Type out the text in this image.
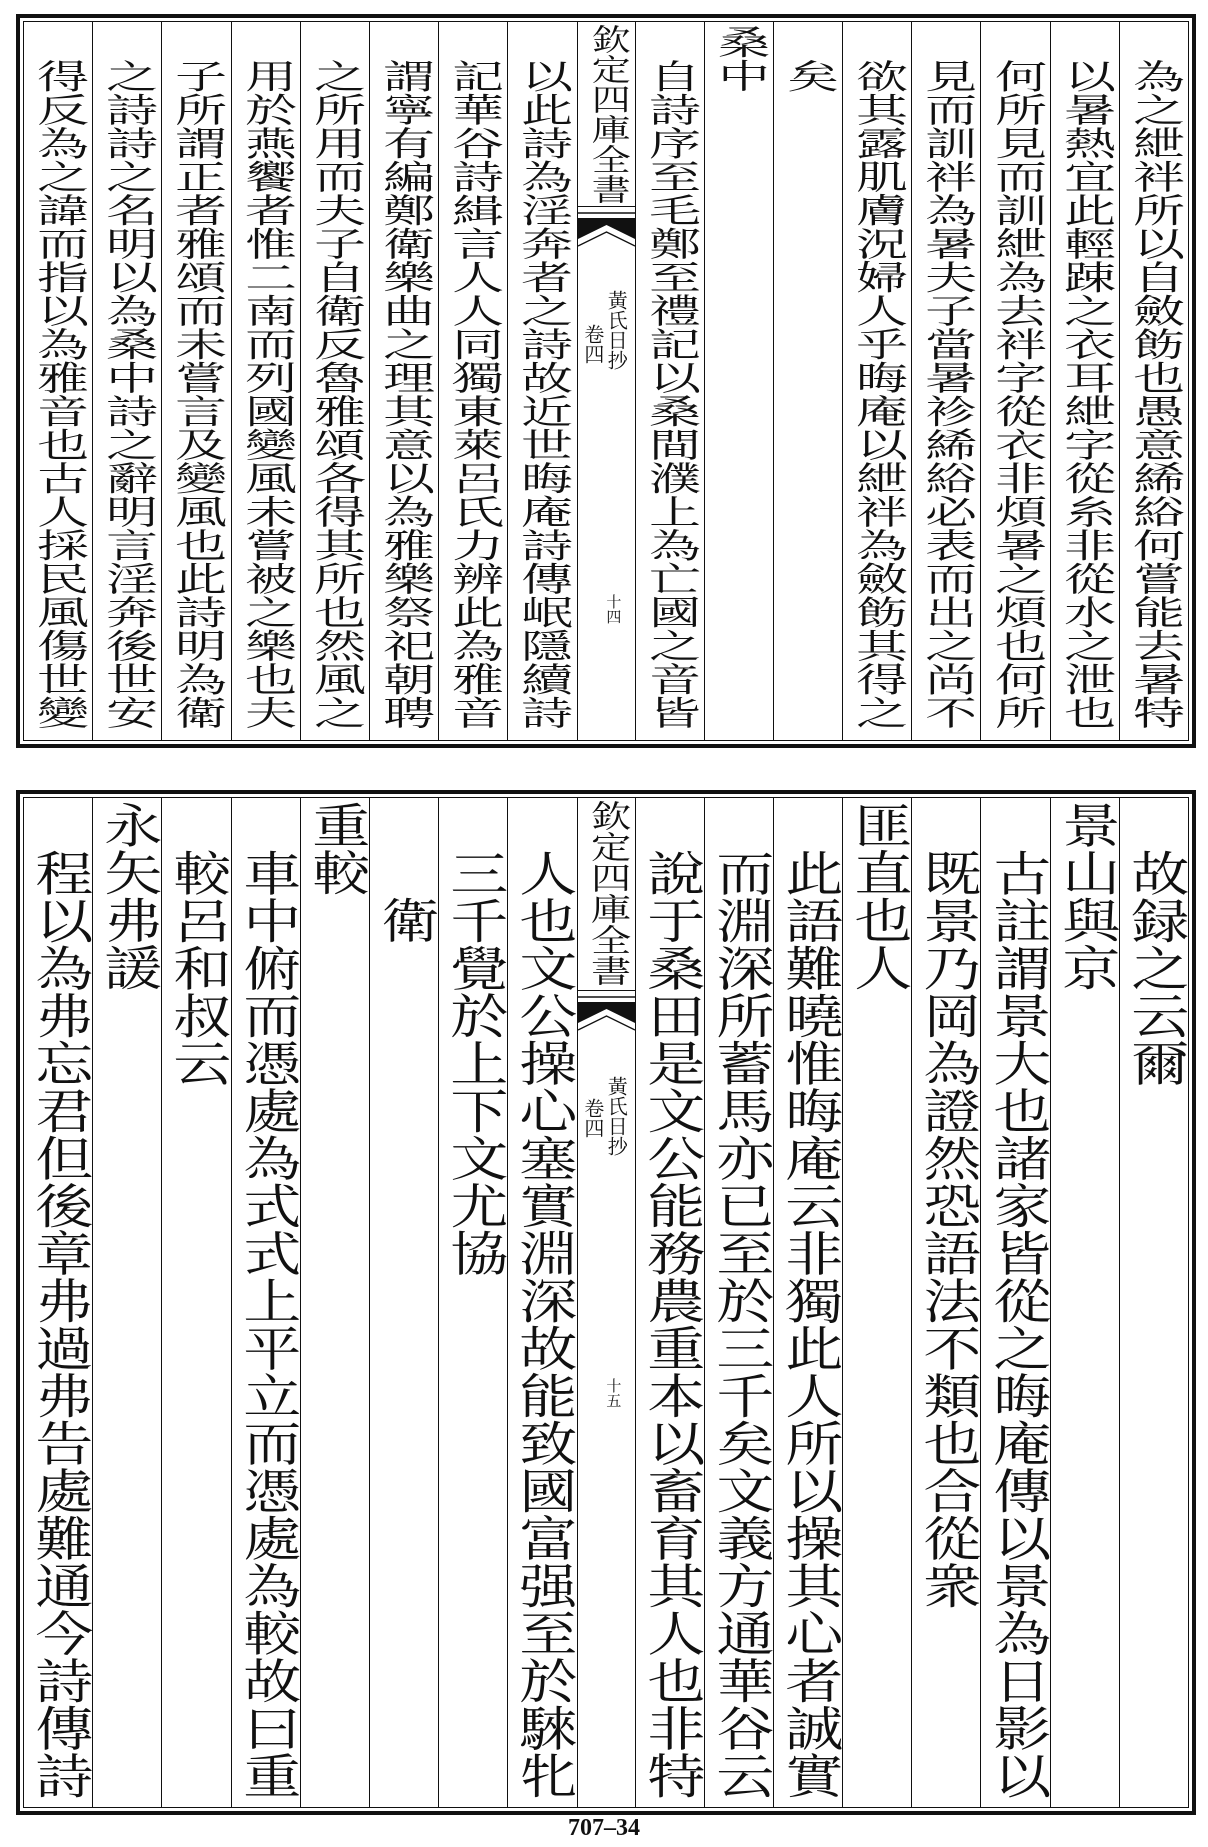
為之紲袢所以自斂飭也愚意絺綌何嘗能去暑特
以暑熱宜此輕踈之衣耳紲字從糸非從水之泄也
何所見而訓紲為去袢字從衣非煩暑之煩也何所
見而訓袢為暑夫子當暑袗絺綌必表而出之尚不
欲其露肌膚況婦人乎晦庵以紲袢為斂飭其得之
矣
桑中
自詩序至毛鄭至禮記以桑間濮上為亡國之音皆
欽定四庫全書
黃氏日抄
卷四
十四
以此詩為淫奔者之詩故近世晦庵詩傳岷隱續詩
記華谷詩緝言人人同獨東萊呂氏力辨此為雅音
謂寧有編鄭衛樂曲之理其意以為雅樂祭祀朝聘
之所用而夫子自衛反魯雅頌各得其所也然風之
用於燕饗者惟二南而列國變風未嘗被之樂也夫
子所謂正者雅頌而未嘗言及變風也此詩明為衛
之詩詩之名明以為桑中詩之辭明言淫奔後世安
得反為之諱而指以為雅音也古人採民風傷世變
故録之云爾
景山與京
古註謂景大也諸家皆從之晦庵傳以景為日影以
既景乃岡為證然恐語法不類也合從衆
匪直也人
此語難曉惟晦庵云非獨此人所以操其心者誠實
而淵深所蓄馬亦已至於三千矣文義方通華谷云
說于桑田是文公能務農重本以畜育其人也非特
欽定四庫全書
黃氏日抄
卷四
十五
人也文公操心塞實淵深故能致國富强至於騋牝
三千覺於上下文尤協
衛
重較
車中俯而憑處為式式上平立而憑處為較故曰重
較呂和叔云
永矢弗諼
程以為弗忘君但後章弗過弗告處難通今詩傳詩
707–34
